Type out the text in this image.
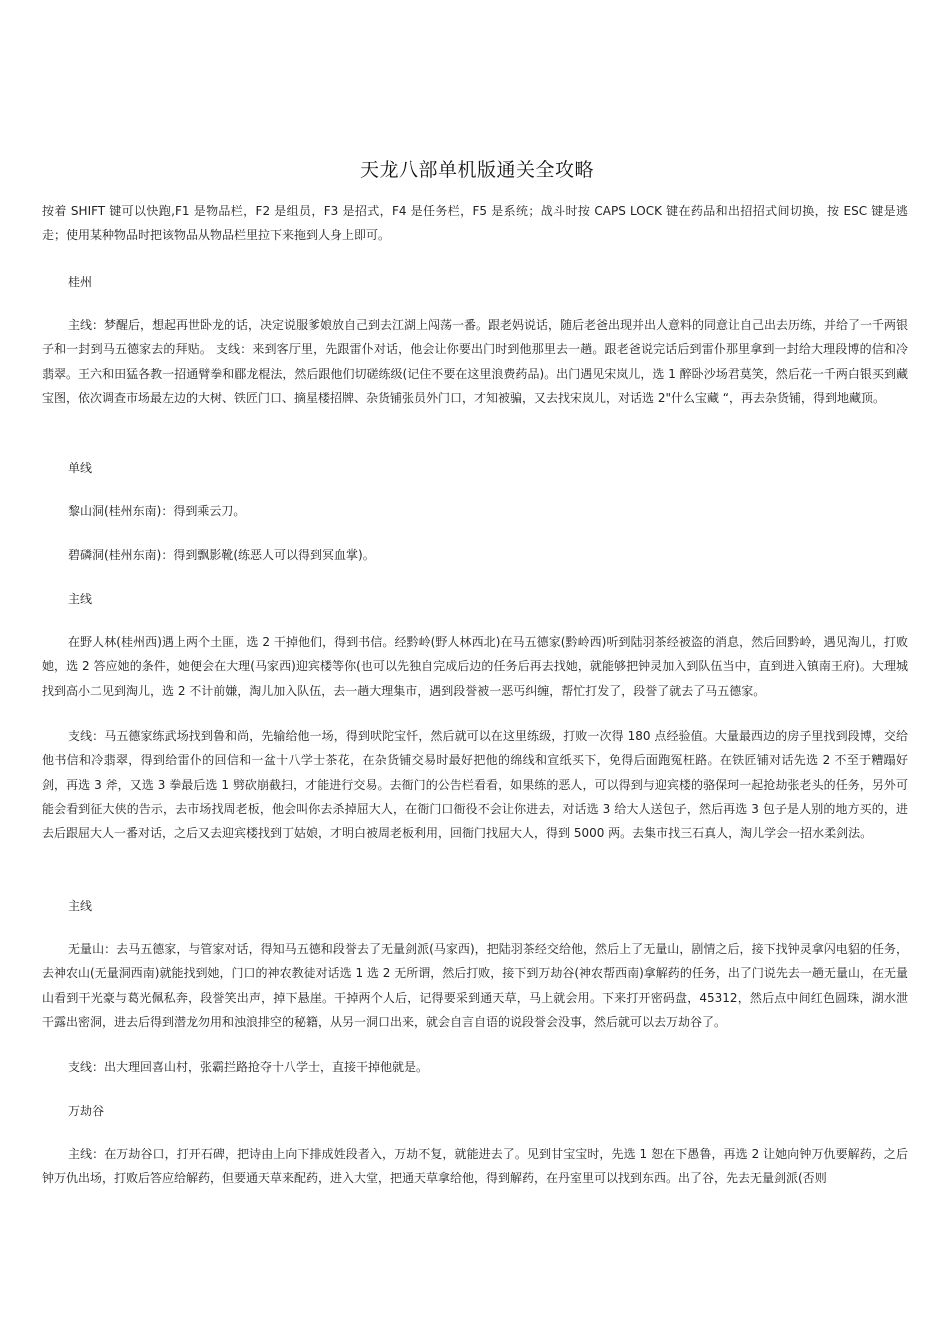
天龙八部单机版通关全攻略

按着 SHIFT 键可以快跑,F1 是物品栏，F2 是组员，F3 是招式，F4 是任务栏，F5 是系统；战斗时按 CAPS LOCK 键在药品和出招招式间切换，按 ESC 键是逃走；使用某种物品时把该物品从物品栏里拉下来拖到人身上即可。

桂州

主线：梦醒后，想起再世卧龙的话，决定说服爹娘放自己到去江湖上闯荡一番。跟老妈说话，随后老爸出现并出人意料的同意让自己出去历练，并给了一千两银子和一封到马五德家去的拜贴。 支线：来到客厅里，先跟雷仆对话，他会让你要出门时到他那里去一趟。跟老爸说完话后到雷仆那里拿到一封给大理段博的信和冷翡翠。王六和田猛各教一招通臂拳和郿龙棍法，然后跟他们切磋练级(记住不要在这里浪费药品)。出门遇见宋岚儿，选 1 醉卧沙场君莫笑，然后花一千两白银买到藏宝图，依次调查市场最左边的大树、铁匠门口、摘星楼招牌、杂货铺张员外门口，才知被骗，又去找宋岚儿，对话选 2"什么宝藏 “，再去杂货铺，得到地藏顶。

单线

黎山洞(桂州东南)：得到乘云刀。

碧磷洞(桂州东南)：得到飘影靴(练恶人可以得到冥血掌)。

主线

在野人林(桂州西)遇上两个土匪，选 2 干掉他们，得到书信。经黔岭(野人林西北)在马五德家(黔岭西)听到陆羽茶经被盗的消息，然后回黔岭，遇见淘儿，打败她，选 2 答应她的条件，她便会在大理(马家西)迎宾楼等你(也可以先独自完成后边的任务后再去找她，就能够把钟灵加入到队伍当中，直到进入镇南王府)。大理城找到高小二见到淘儿，选 2 不计前嫌，淘儿加入队伍，去一趟大理集市，遇到段誉被一恶丐纠缠，帮忙打发了，段誉了就去了马五德家。

支线：马五德家练武场找到鲁和尚，先输给他一场，得到吠陀宝忏，然后就可以在这里练级，打败一次得 180 点经验值。大量最西边的房子里找到段博，交给他书信和冷翡翠，得到给雷仆的回信和一盆十八学士茶花，在杂货铺交易时最好把他的绵线和宣纸买下，免得后面跑冤枉路。在铁匠铺对话先选 2 不至于糟蹋好剑，再选 3 斧，又选 3 拳最后选 1 劈砍崩截扫，才能进行交易。去衙门的公告栏看看，如果练的恶人，可以得到与迎宾楼的骆保珂一起抢劫张老头的任务，另外可能会看到征大侠的告示，去市场找周老板，他会叫你去杀掉屈大人，在衙门口衙役不会让你进去，对话选 3 给大人送包子，然后再选 3 包子是人别的地方买的，进去后跟屈大人一番对话，之后又去迎宾楼找到丁姑娘，才明白被周老板利用，回衙门找屈大人，得到 5000 两。去集市找三石真人，淘儿学会一招水柔剑法。

主线

无量山：去马五德家，与管家对话，得知马五德和段誉去了无量剑派(马家西)，把陆羽茶经交给他，然后上了无量山，剧情之后，接下找钟灵拿闪电貂的任务，去神农山(无量洞西南)就能找到她，门口的神农教徒对话选 1 选 2 无所谓，然后打败，接下到万劫谷(神农帮西南)拿解药的任务，出了门说先去一趟无量山，在无量山看到干光豪与葛光佩私奔，段誉笑出声，掉下悬崖。干掉两个人后，记得要采到通天草，马上就会用。下来打开密码盘，45312，然后点中间红色圆珠，湖水泄干露出密洞，进去后得到潜龙勿用和浊浪排空的秘籍，从另一洞口出来，就会自言自语的说段誉会没事，然后就可以去万劫谷了。

支线：出大理回喜山村，张霸拦路抢夺十八学士，直接干掉他就是。

万劫谷

主线：在万劫谷口，打开石碑，把诗由上向下排成姓段者入，万劫不复，就能进去了。见到甘宝宝时，先选 1 恕在下愚鲁，再选 2 让她向钟万仇要解药，之后钟万仇出场，打败后答应给解药，但要通天草来配药，进入大堂，把通天草拿给他，得到解药，在丹室里可以找到东西。出了谷，先去无量剑派(否则
